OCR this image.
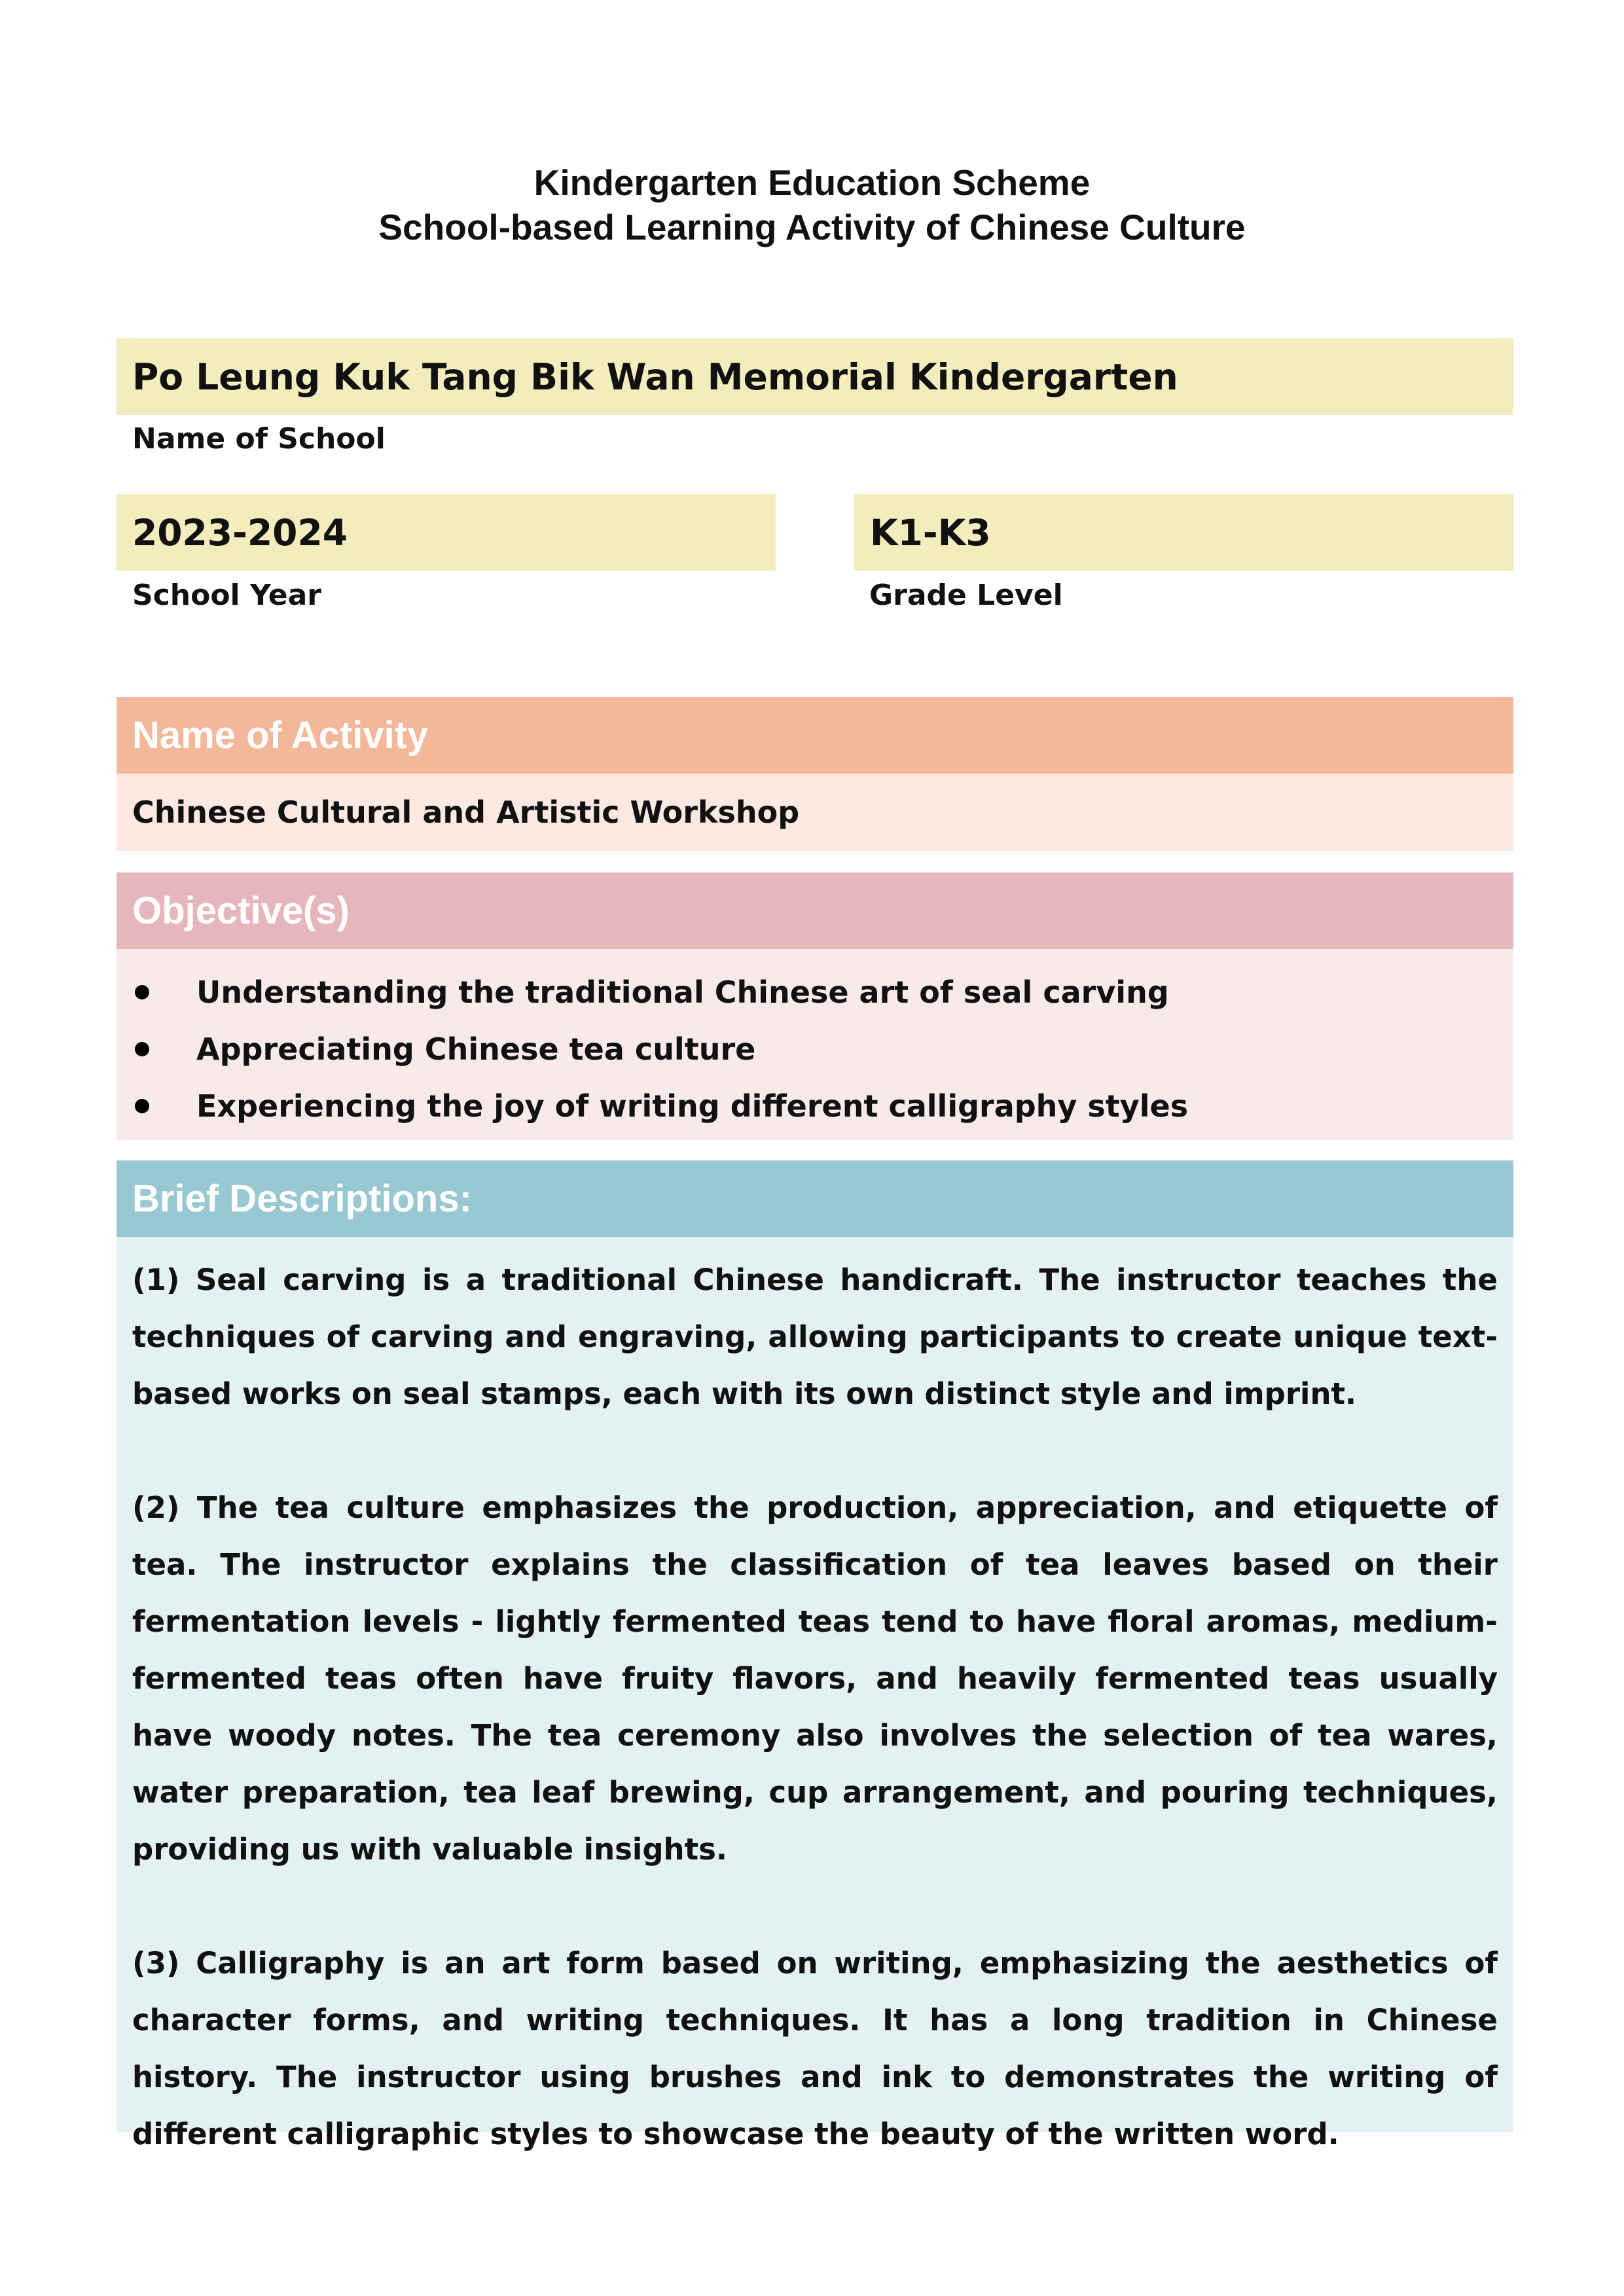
Kindergarten Education Scheme
School-based Learning Activity of Chinese Culture
Po Leung Kuk Tang Bik Wan Memorial Kindergarten
Name of School
2023-2024
School Year
K1-K3
Grade Level
Name of Activity
Chinese Cultural and Artistic Workshop
Objective(s)
Understanding the traditional Chinese art of seal carving
Appreciating Chinese tea culture
Experiencing the joy of writing different calligraphy styles
Brief Descriptions:

(1) Seal carving is a traditional Chinese handicraft. The instructor teaches the techniques of carving and engraving, allowing participants to create unique text-based works on seal stamps, each with its own distinct style and imprint.

(2) The tea culture emphasizes the production, appreciation, and etiquette of tea. The instructor explains the classification of tea leaves based on their fermentation levels - lightly fermented teas tend to have floral aromas, medium-fermented teas often have fruity flavors, and heavily fermented teas usually have woody notes. The tea ceremony also involves the selection of tea wares, water preparation, tea leaf brewing, cup arrangement, and pouring techniques, providing us with valuable insights.

(3) Calligraphy is an art form based on writing, emphasizing the aesthetics of character forms, and writing techniques. It has a long tradition in Chinese history. The instructor using brushes and ink to demonstrates the writing of different calligraphic styles to showcase the beauty of the written word.
